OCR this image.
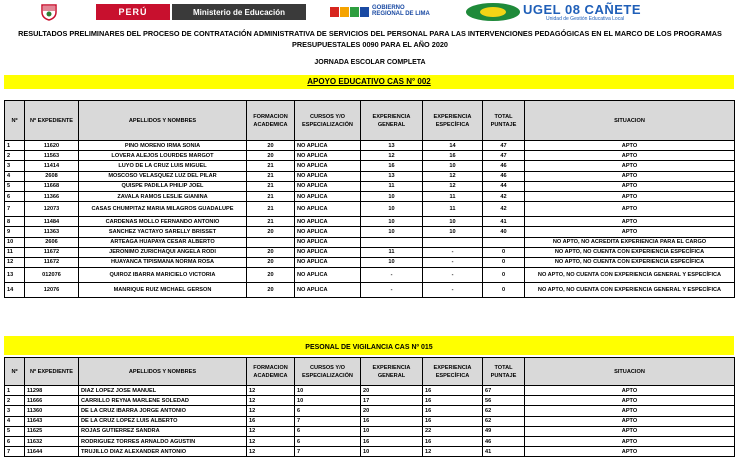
PERÚ	Ministerio de Educación	GOBIERNO REGIONAL DE LIMA	UGEL 08 CAÑETE
Unidad de Gestión Educativa Local
RESULTADOS PRELIMINARES DEL PROCESO DE CONTRATACIÓN ADMINISTRATIVA DE SERVICIOS DEL PERSONAL PARA LAS INTERVENCIONES PEDAGÓGICAS EN EL MARCO DE LOS PROGRAMAS PRESUPUESTALES 0090 PARA EL AÑO 2020
JORNADA ESCOLAR COMPLETA
APOYO EDUCATIVO CAS N° 002
Nº	Nº EXPEDIENTE	APELLIDOS Y NOMBRES	FORMACION ACADEMICA	CURSOS Y/O ESPECIALIZACIÓN	EXPERIENCIA GENERAL	EXPERIENCIA ESPECÍFICA	TOTAL PUNTAJE	SITUACION
1	11620	PINO MORENO IRMA SONIA	20	NO APLICA	13	14	47	APTO
2	11563	LOVERA ALEJOS LOURDES MARGOT	20	NO APLICA	12	16	47	APTO
3	11414	LUYO DE LA CRUZ LUIS MIGUEL	21	NO APLICA	16	10	46	APTO
4	2608	MOSCOSO VELASQUEZ LUZ DEL PILAR	21	NO APLICA	13	12	46	APTO
5	11668	QUISPE PADILLA PHILIP JOEL	21	NO APLICA	11	12	44	APTO
6	11366	ZAVALA RAMOS LESLIE GIANINA	21	NO APLICA	10	11	42	APTO
7	12073	CASAS CHUMPITAZ MARIA MILAGROS GUADALUPE	21	NO APLICA	10	11	42	APTO
8	11484	CARDENAS MOLLO FERNANDO ANTONIO	21	NO APLICA	10	10	41	APTO
9	11363	SANCHEZ YACTAYO SARELLY BRISSET	20	NO APLICA	10	10	40	APTO
10	2606	ARTEAGA HUAPAYA CESAR ALBERTO		NO APLICA				NO APTO, NO ACREDITA EXPERIENCIA PARA EL CARGO
11	11672	JERONIMO ZURICHAQUI ANGELA RODI	20	NO APLICA	11	-	0	NO APTO, NO CUENTA CON EXPERIENCIA ESPECÍFICA
12	11672	HUAYANCA TIPISMANA NORMA ROSA	20	NO APLICA	10	-	0	NO APTO, NO CUENTA CON EXPERIENCIA ESPECÍFICA
13	012076	QUIROZ IBARRA MARICIELO VICTORIA	20	NO APLICA	-	-	0	NO APTO, NO CUENTA CON EXPERIENCIA GENERAL Y ESPECÍFICA
14	12076	MANRIQUE RUIZ MICHAEL GERSON	20	NO APLICA	-	-	0	NO APTO, NO CUENTA CON EXPERIENCIA GENERAL Y ESPECÍFICA
PESONAL DE VIGILANCIA CAS Nº 015
Nº	Nº EXPEDIENTE	APELLIDOS Y NOMBRES	FORMACION ACADEMICA	CURSOS Y/O ESPECIALIZACIÓN	EXPERIENCIA GENERAL	EXPERIENCIA ESPECÍFICA	TOTAL PUNTAJE	SITUACION
1	11298	DIAZ LOPEZ JOSE MANUEL	12	10	20	16	67	APTO
2	11666	CARRILLO REYNA MARLENE SOLEDAD	12	10	17	16	56	APTO
3	11360	DE LA CRUZ IBARRA JORGE ANTONIO	12	6	20	16	62	APTO
4	11643	DE LA CRUZ LOPEZ LUIS ALBERTO	16	7	16	16	62	APTO
5	11625	ROJAS GUTIERREZ SANDRA	12	6	10	22	49	APTO
6	11632	RODRIGUEZ TORRES ARNALDO AGUSTIN	12	6	16	16	46	APTO
7	11644	TRUJILLO DIAZ ALEXANDER ANTONIO	12	7	10	12	41	APTO
